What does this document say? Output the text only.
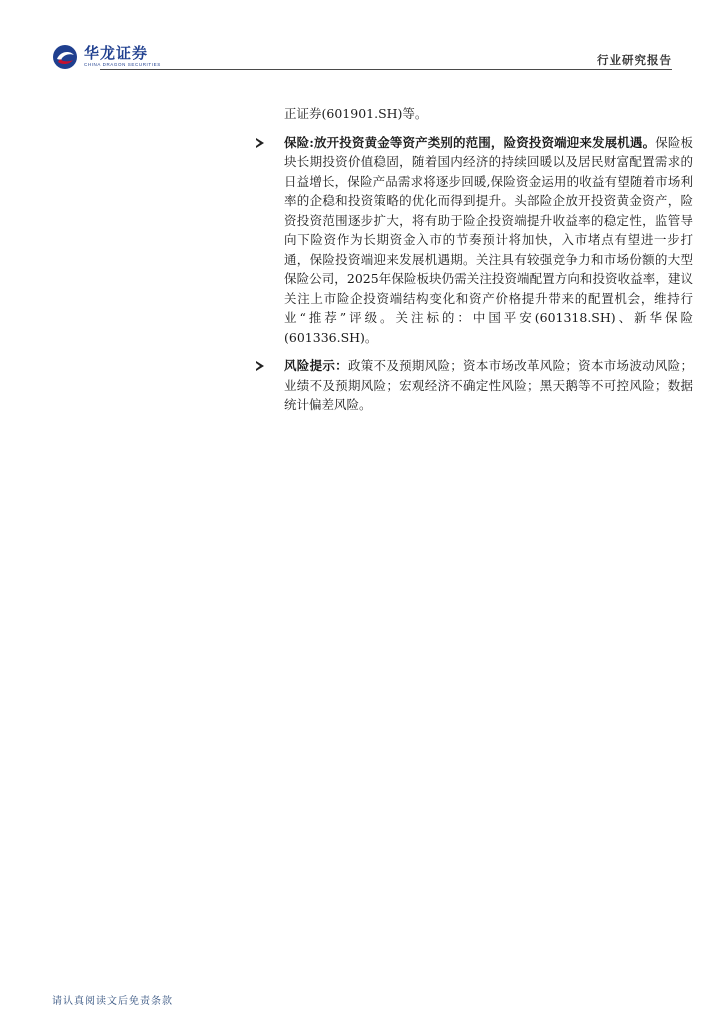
华龙证券
CHINA DRAGON SECURITIES	行业研究报告

正证券(601901.SH)等。

保险:放开投资黄金等资产类别的范围，险资投资端迎来发展机遇。保险板块长期投资价值稳固，随着国内经济的持续回暖以及居民财富配置需求的日益增长，保险产品需求将逐步回暖,保险资金运用的收益有望随着市场利率的企稳和投资策略的优化而得到提升。头部险企放开投资黄金资产，险资投资范围逐步扩大，将有助于险企投资端提升收益率的稳定性，监管导向下险资作为长期资金入市的节奏预计将加快，入市堵点有望进一步打通，保险投资端迎来发展机遇期。关注具有较强竞争力和市场份额的大型保险公司，2025年保险板块仍需关注投资端配置方向和投资收益率，建议关注上市险企投资端结构变化和资产价格提升带来的配置机会，维持行业“推荐”评级。关注标的：中国平安(601318.SH)、新华保险(601336.SH)。
风险提示：政策不及预期风险；资本市场改革风险；资本市场波动风险；业绩不及预期风险；宏观经济不确定性风险；黑天鹅等不可控风险；数据统计偏差风险。
请认真阅读文后免责条款
